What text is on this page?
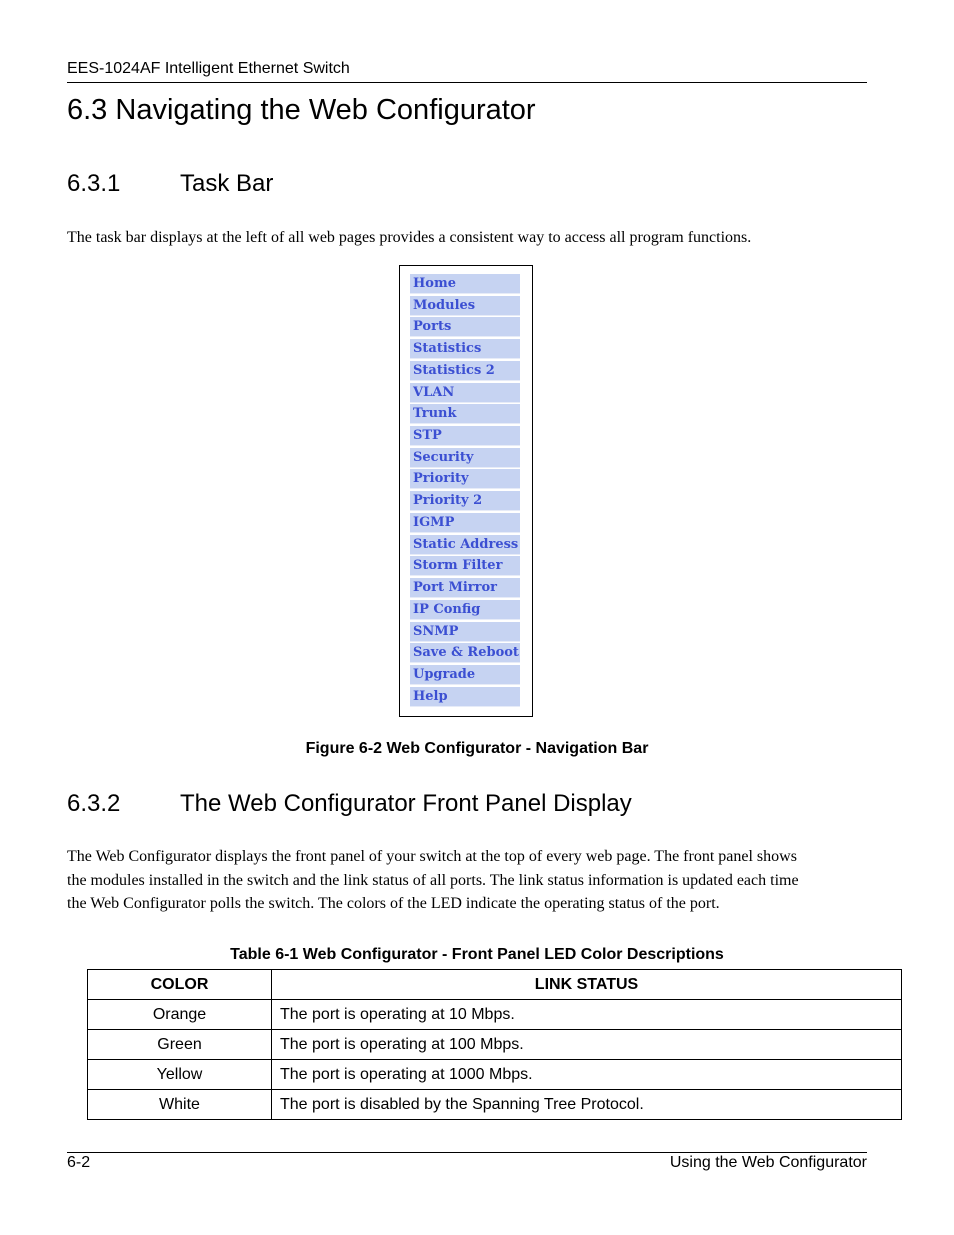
EES-1024AF Intelligent Ethernet Switch
6.3 Navigating the Web Configurator
6.3.1 Task Bar
The task bar displays at the left of all web pages provides a consistent way to access all program functions.
Home
Modules
Ports
Statistics
Statistics 2
VLAN
Trunk
STP
Security
Priority
Priority 2
IGMP
Static Address
Storm Filter
Port Mirror
IP Config
SNMP
Save & Reboot
Upgrade
Help
Figure 6-2 Web Configurator - Navigation Bar
6.3.2 The Web Configurator Front Panel Display
The Web Configurator displays the front panel of your switch at the top of every web page. The front panel shows
the modules installed in the switch and the link status of all ports. The link status information is updated each time
the Web Configurator polls the switch. The colors of the LED indicate the operating status of the port.
Table 6-1 Web Configurator - Front Panel LED Color Descriptions
COLOR	LINK STATUS
Orange	The port is operating at 10 Mbps.
Green	The port is operating at 100 Mbps.
Yellow	The port is operating at 1000 Mbps.
White	The port is disabled by the Spanning Tree Protocol.
6-2	Using the Web Configurator
